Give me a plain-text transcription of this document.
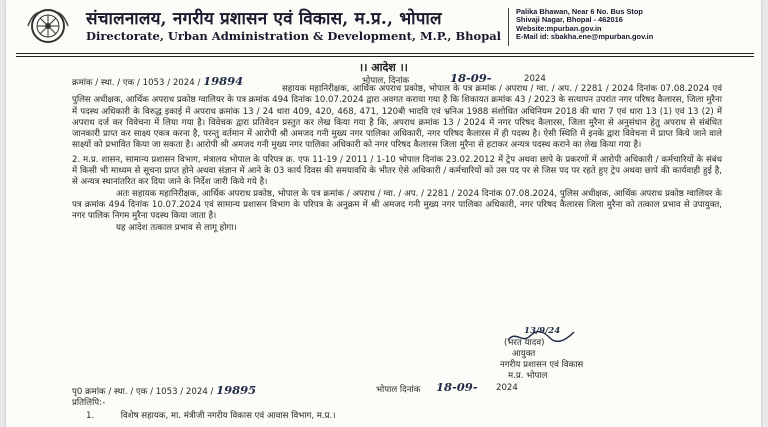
संचालनालय, नगरीय प्रशासन एवं विकास, म.प्र., भोपाल
Directorate, Urban Administration & Development, M.P., Bhopal
Palika Bhawan, Near 6 No. Bus Stop
Shivaji Nagar, Bhopal - 462016
Website:mpurban.gov.in
E-Mail id: sbakha.ene@mpurban.gov.in
।। आदेश ।।
क्रमांक / स्था. / एक / 1053 / 2024 / 19894	भोपाल, दिनांक	18-09-	2024

सहायक महानिरीक्षक, आर्थिक अपराध प्रकोष्ठ, भोपाल के पत्र क्रमांक / अपराध / ग्वा. / अप. / 2281 / 2024 दिनांक 07.08.2024 एवं पुलिस अधीक्षक, आर्थिक अपराध प्रकोष्ठ ग्वालियर के पत्र क्रमांक 494 दिनांक 10.07.2024 द्वारा अवगत कराया गया है कि शिकायत क्रमांक 43 / 2023 के सत्यापन उपरांत नगर परिषद कैलारस, जिला मुरैना में पदस्थ अधिकारी के विरुद्ध इकाई में अपराध क्रमांक 13 / 24 धारा 409, 420, 468, 471, 120बी भादवि एवं भ्रनिअ 1988 संशोधित अधिनियम 2018 की धारा 7 एवं धारा 13 (1) एवं 13 (2) में अपराध दर्ज कर विवेचना में लिया गया है। विवेचक द्वारा प्रतिवेदन प्रस्तुत कर लेख किया गया है कि, अपराध क्रमांक 13 / 2024 में नगर परिषद कैलारस, जिला मुरैना से अनुसंधान हेतु अपराध से संबंधित जानकारी प्राप्त कर साक्ष्य एकत्र करना है, परन्तु वर्तमान में आरोपी श्री अमजद गनी मुख्य नगर पालिका अधिकारी, नगर परिषद कैलारस में ही पदस्थ है। ऐसी स्थिति में इनके द्वारा विवेचना में प्राप्त किये जाने वाले साक्ष्यों को प्रभावित किया जा सकता है। आरोपी श्री अमजद गनी मुख्य नगर पालिका अधिकारी को नगर परिषद कैलारस जिला मुरैना से हटाकर अन्यत्र पदस्थ कराने का लेख किया गया है।

2. म.प्र. शासन, सामान्य प्रशासन विभाग, मंत्रालय भोपाल के परिपत्र क्र. एफ 11-19 / 2011 / 1-10 भोपाल दिनांक 23.02.2012 में ट्रेप अथवा छापे के प्रकरणों में आरोपी अधिकारी / कर्मचारियों के संबंध में किसी भी माध्यम से सूचना प्राप्त होने अथवा संज्ञान में आने के 03 कार्य दिवस की समयावधि के भीतर ऐसे अधिकारी / कर्मचारियों को उस पद पर से जिस पद पर रहते हुए ट्रेप अथवा छापे की कार्यवाही हुई है, से अन्यत्र स्थानांतरित कर दिया जाने के निर्देश जारी किये गये है।

अतः सहायक महानिरीक्षक, आर्थिक अपराध प्रकोष्ठ, भोपाल के पत्र क्रमांक / अपराध / ग्वा. / अप. / 2281 / 2024 दिनांक 07.08.2024, पुलिस अधीक्षक, आर्थिक अपराध प्रकोष्ठ ग्वालियर के पत्र क्रमांक 494 दिनांक 10.07.2024 एवं सामान्य प्रशासन विभाग के परिपत्र के अनुक्रम में श्री अमजद गनी मुख्य नगर पालिका अधिकारी, नगर परिषद कैलारस जिला मुरैना को तत्काल प्रभाव से उपायुक्त, नगर पालिक निगम मुरैना पदस्थ किया जाता है।

यह आदेश तत्काल प्रभाव से लागू होगा।

13/9/24
(भरत यादव)
आयुक्त
नगरीय प्रशासन एवं विकास
म.प्र. भोपाल
पृ0 क्रमांक / स्था. / एक / 1053 / 2024 / 19895	भोपाल दिनांक 18-09- 2024
प्रतिलिपि:-
1.	विशेष सहायक, मा. मंत्रीजी नगरीय विकास एवं आवास विभाग, म.प्र.।
